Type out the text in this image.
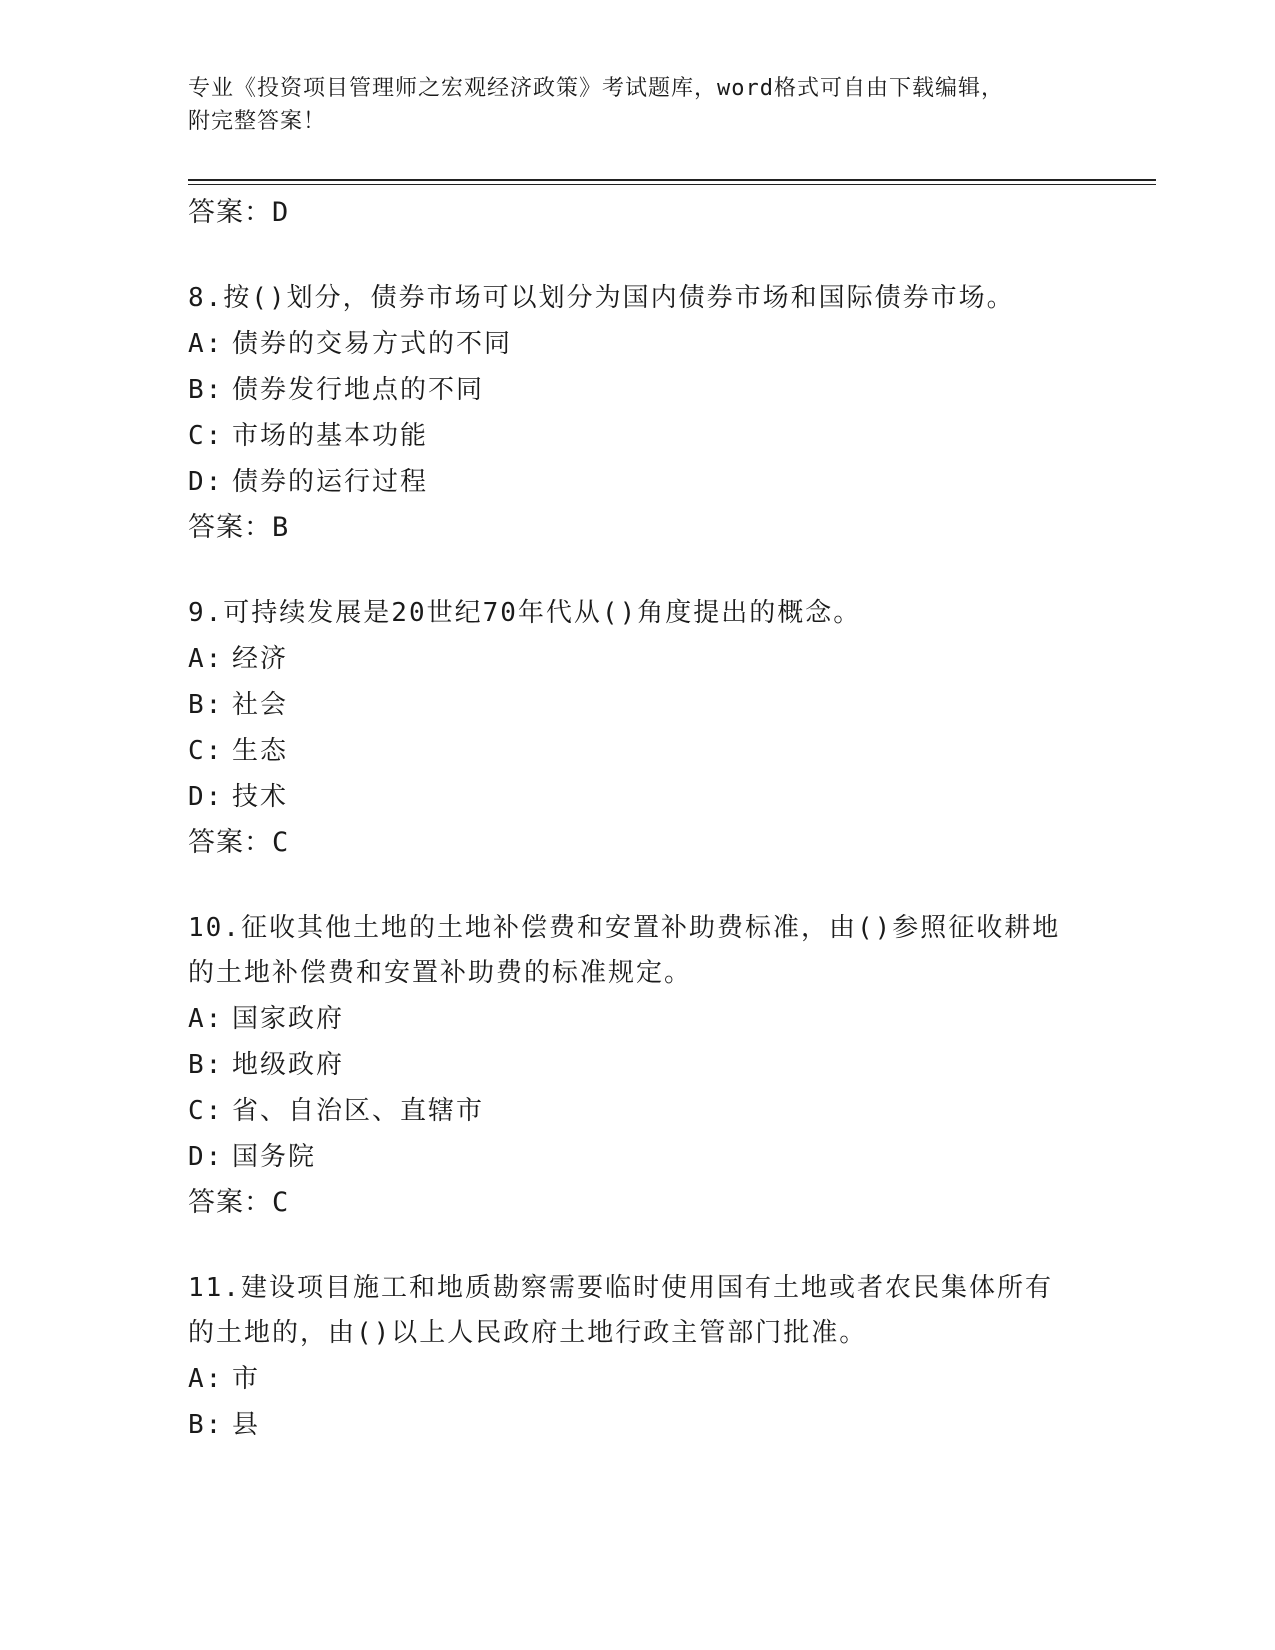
专业《投资项目管理师之宏观经济政策》考试题库，word格式可自由下载编辑，
附完整答案！
答案：D
8.按()划分，债券市场可以划分为国内债券市场和国际债券市场。
A: 债券的交易方式的不同
B: 债券发行地点的不同
C: 市场的基本功能
D: 债券的运行过程
答案：B
9.可持续发展是20世纪70年代从()角度提出的概念。
A: 经济
B: 社会
C: 生态
D: 技术
答案：C
10.征收其他土地的土地补偿费和安置补助费标准，由()参照征收耕地
的土地补偿费和安置补助费的标准规定。
A: 国家政府
B: 地级政府
C: 省、自治区、直辖市
D: 国务院
答案：C
11.建设项目施工和地质勘察需要临时使用国有土地或者农民集体所有
的土地的，由()以上人民政府土地行政主管部门批准。
A: 市
B: 县
